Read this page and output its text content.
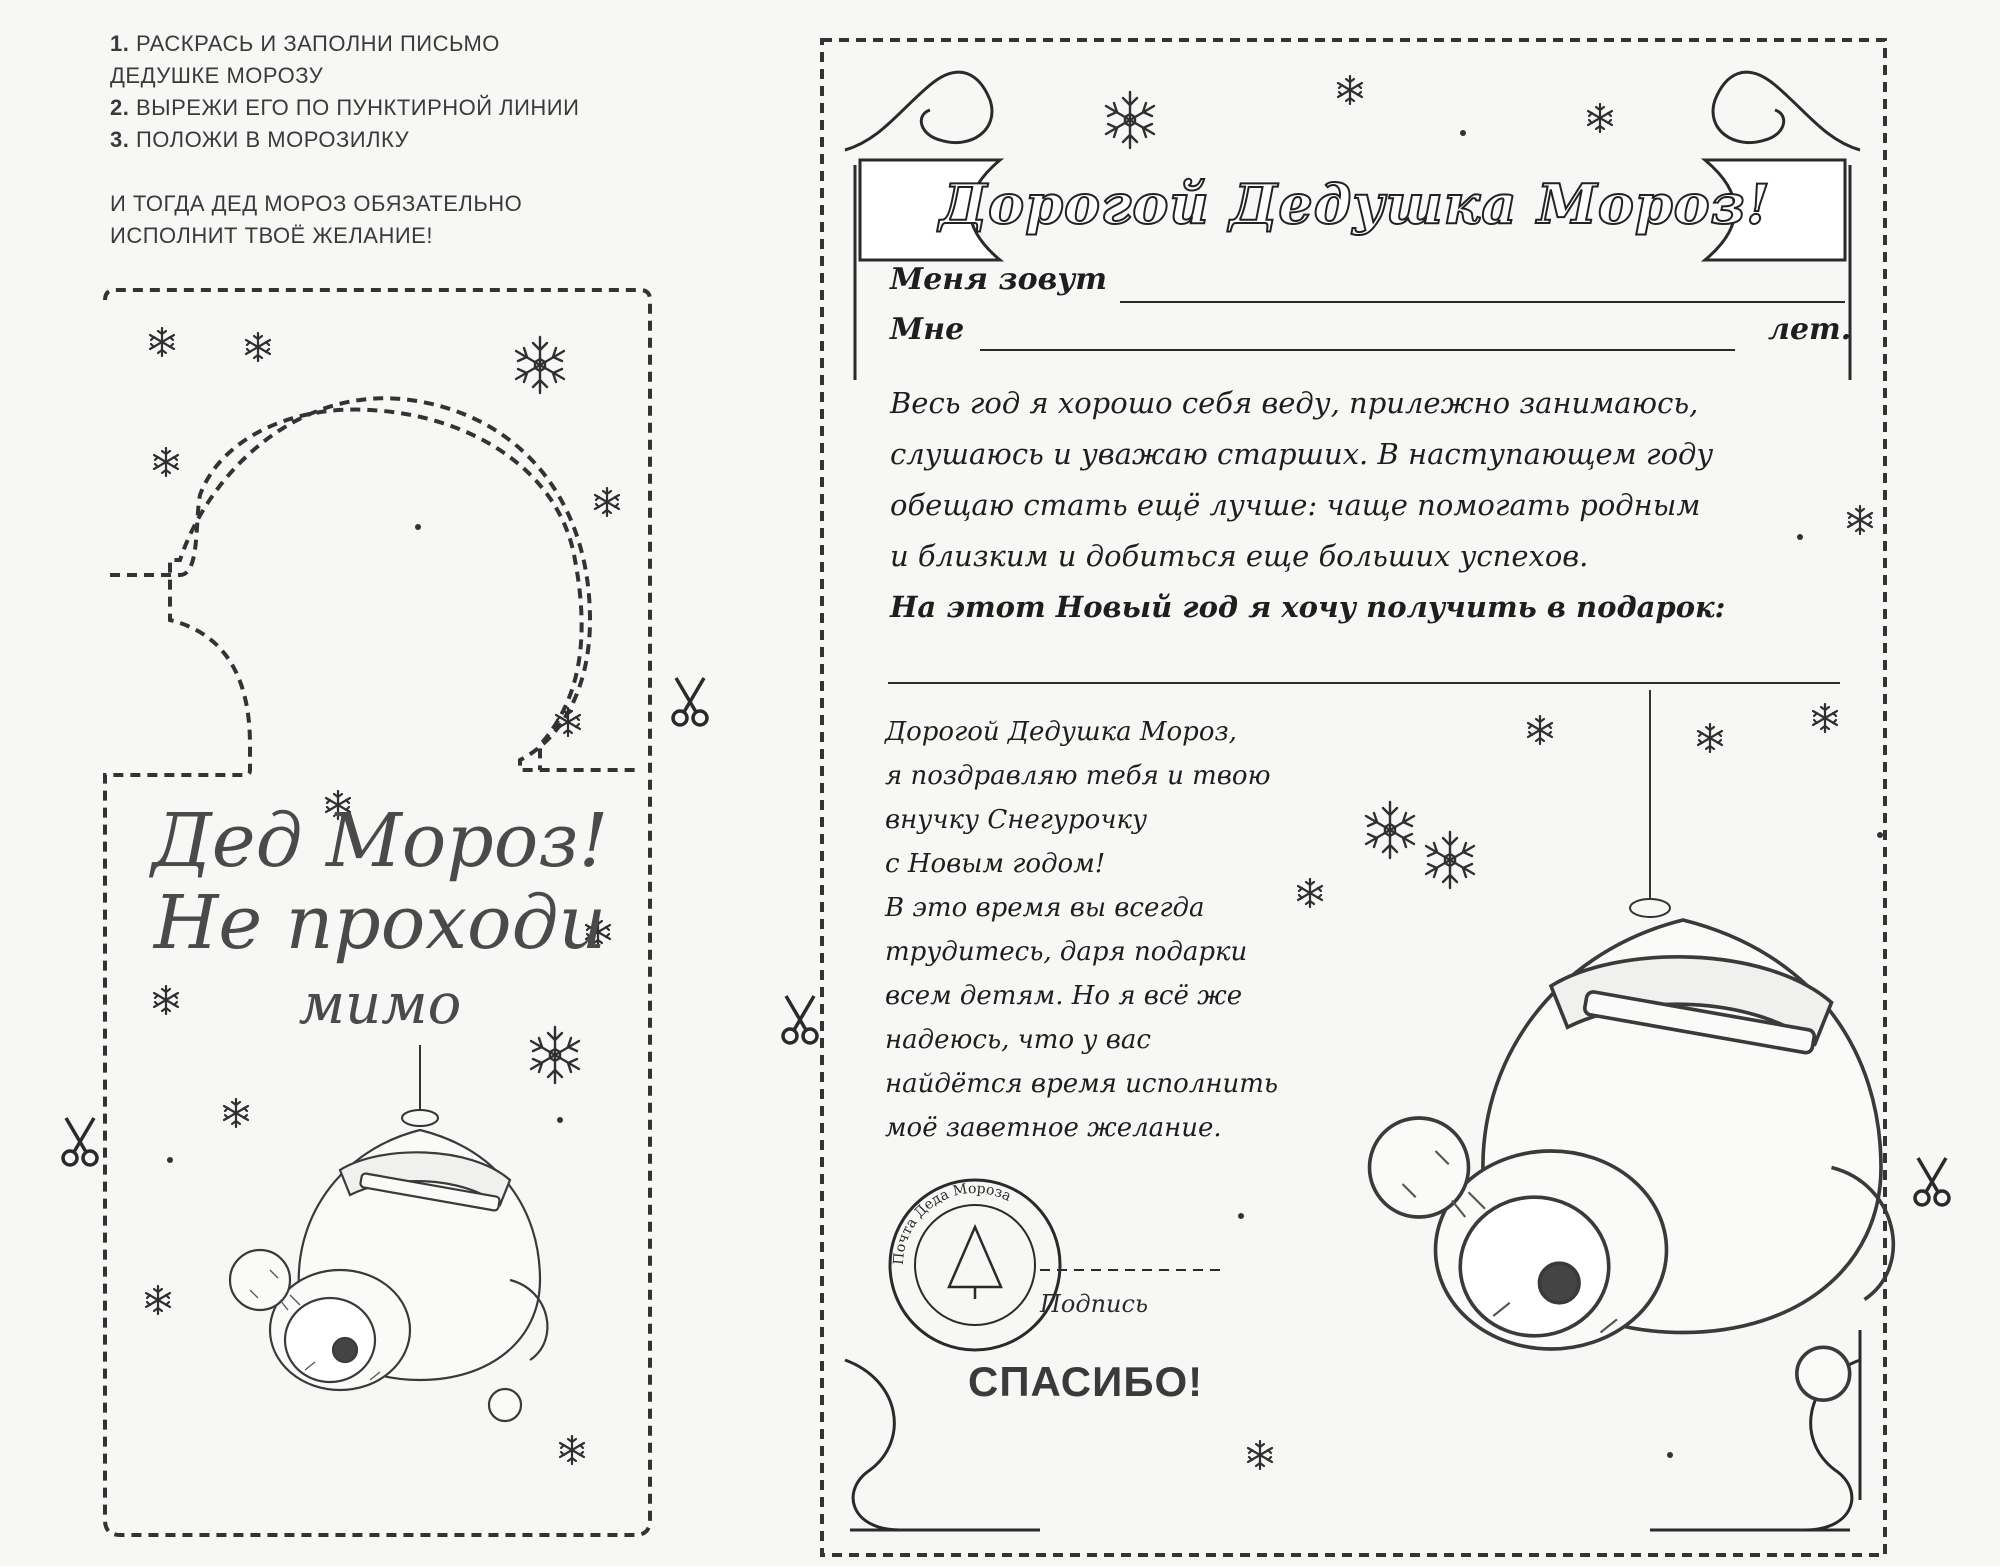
1. РАСКРАСЬ И ЗАПОЛНИ ПИСЬМО
ДЕДУШКЕ МОРОЗУ
2. ВЫРЕЖИ ЕГО ПО ПУНКТИРНОЙ ЛИНИИ
3. ПОЛОЖИ В МОРОЗИЛКУ
И ТОГДА ДЕД МОРОЗ ОБЯЗАТЕЛЬНО
ИСПОЛНИТ ТВОЁ ЖЕЛАНИЕ!
Дед Мороз!
Не проходи
мимо
Дорогой Дедушка Мороз!
Меня зовут
Мне	лет.
Весь год я хорошо себя веду, прилежно занимаюсь,
слушаюсь и уважаю старших. В наступающем году
обещаю стать ещё лучше: чаще помогать родным
и близким и добиться еще больших успехов.
На этот Новый год я хочу получить в подарок:
Дорогой Дедушка Мороз,
я поздравляю тебя и твою
внучку Снегурочку
с Новым годом!
В это время вы всегда
трудитесь, даря подарки
всем детям. Но я всё же
надеюсь, что у вас
найдётся время исполнить
моё заветное желание.
Почта Деда Мороза
Подпись
СПАСИБО!
